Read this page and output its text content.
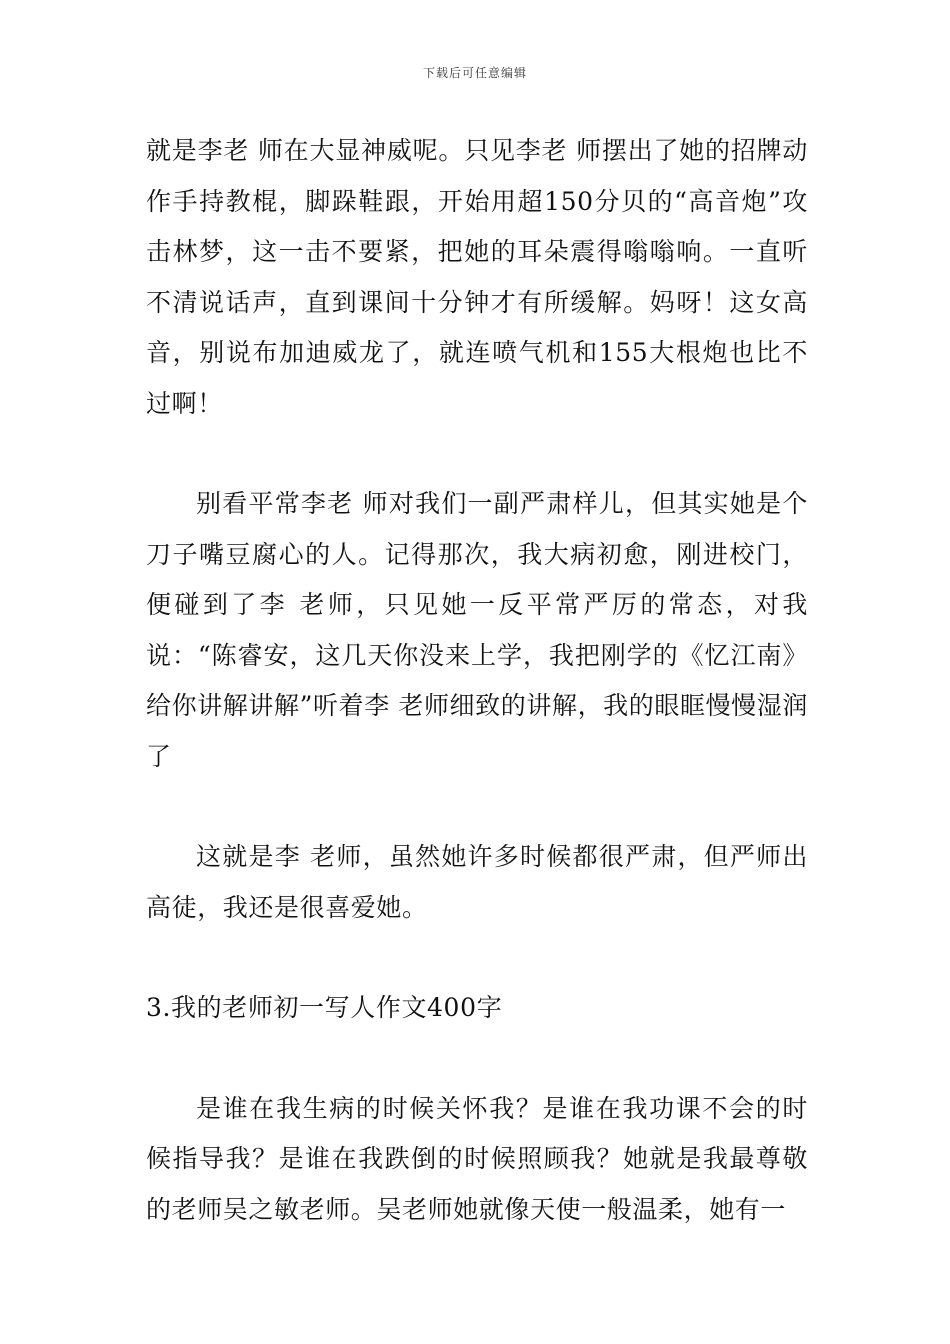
下载后可任意编辑

就是李老 师在大显神威呢。只见李老 师摆出了她的招牌动作手持教棍，脚跺鞋跟，开始用超150分贝的“高音炮”攻击林梦，这一击不要紧，把她的耳朵震得嗡嗡响。一直听不清说话声，直到课间十分钟才有所缓解。妈呀！这女高音，别说布加迪威龙了，就连喷气机和155大根炮也比不过啊！

别看平常李老 师对我们一副严肃样儿，但其实她是个刀子嘴豆腐心的人。记得那次，我大病初愈，刚进校门，便碰到了李 老师，只见她一反平常严厉的常态，对我说：“陈睿安，这几天你没来上学，我把刚学的《忆江南》给你讲解讲解”听着李 老师细致的讲解，我的眼眶慢慢湿润了

这就是李 老师，虽然她许多时候都很严肃，但严师出高徒，我还是很喜爱她。

3.我的老师初一写人作文400字

是谁在我生病的时候关怀我？是谁在我功课不会的时候指导我？是谁在我跌倒的时候照顾我？她就是我最尊敬的老师吴之敏老师。吴老师她就像天使一般温柔，她有一
